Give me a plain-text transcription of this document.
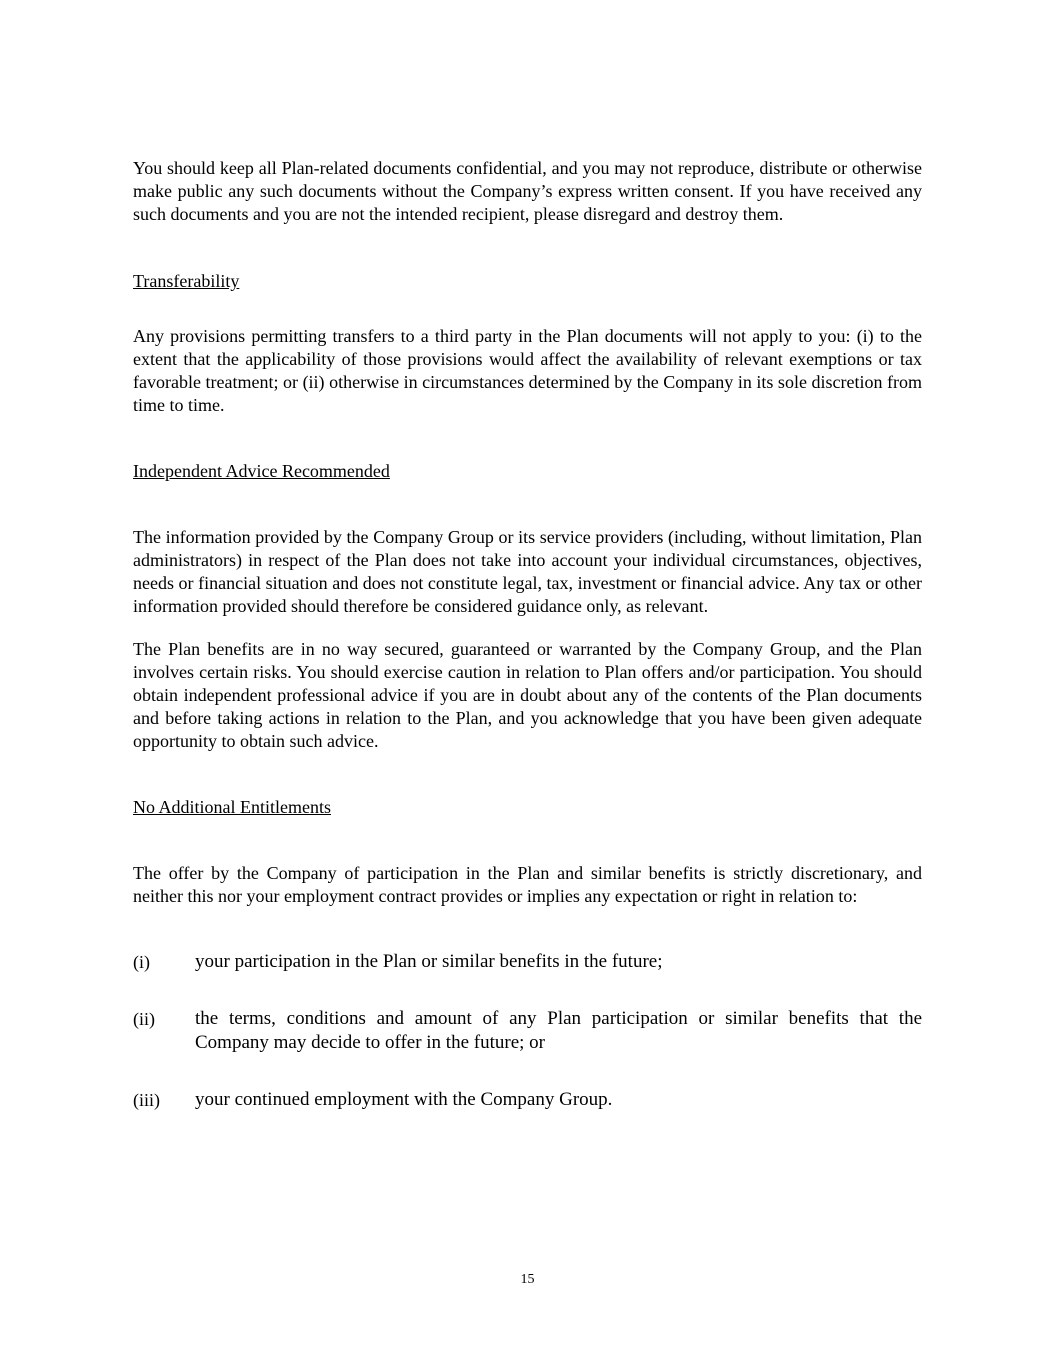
You should keep all Plan-related documents confidential, and you may not reproduce, distribute or otherwise make public any such documents without the Company’s express written consent. If you have received any such documents and you are not the intended recipient, please disregard and destroy them.

Transferability

Any provisions permitting transfers to a third party in the Plan documents will not apply to you: (i) to the extent that the applicability of those provisions would affect the availability of relevant exemptions or tax favorable treatment; or (ii) otherwise in circumstances determined by the Company in its sole discretion from time to time.

Independent Advice Recommended

The information provided by the Company Group or its service providers (including, without limitation, Plan administrators) in respect of the Plan does not take into account your individual circumstances, objectives, needs or financial situation and does not constitute legal, tax, investment or financial advice. Any tax or other information provided should therefore be considered guidance only, as relevant.

The Plan benefits are in no way secured, guaranteed or warranted by the Company Group, and the Plan involves certain risks. You should exercise caution in relation to Plan offers and/or participation. You should obtain independent professional advice if you are in doubt about any of the contents of the Plan documents and before taking actions in relation to the Plan, and you acknowledge that you have been given adequate opportunity to obtain such advice.

No Additional Entitlements

The offer by the Company of participation in the Plan and similar benefits is strictly discretionary, and neither this nor your employment contract provides or implies any expectation or right in relation to:

(i)	your participation in the Plan or similar benefits in the future;
(ii)	the terms, conditions and amount of any Plan participation or similar benefits that the Company may decide to offer in the future; or
(iii)	your continued employment with the Company Group.
15
